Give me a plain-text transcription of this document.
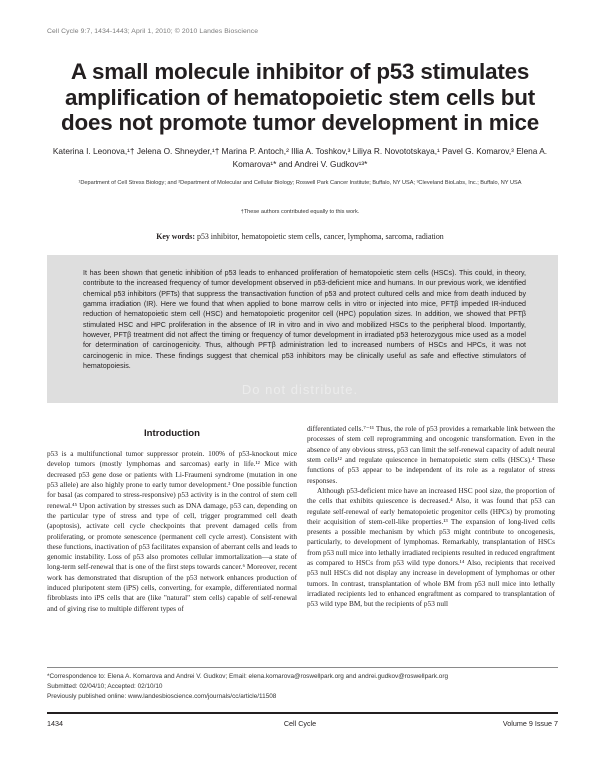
Cell Cycle 9:7, 1434-1443; April 1, 2010; © 2010 Landes Bioscience
A small molecule inhibitor of p53 stimulates amplification of hematopoietic stem cells but does not promote tumor development in mice
Katerina I. Leonova,¹† Jelena O. Shneyder,¹† Marina P. Antoch,² Illia A. Toshkov,³ Liliya R. Novototskaya,¹ Pavel G. Komarov,³ Elena A. Komarova¹* and Andrei V. Gudkov¹³*
¹Department of Cell Stress Biology; and ²Department of Molecular and Cellular Biology; Roswell Park Cancer Institute; Buffalo, NY USA; ³Cleveland BioLabs, Inc.; Buffalo, NY USA
†These authors contributed equally to this work.
Key words: p53 inhibitor, hematopoietic stem cells, cancer, lymphoma, sarcoma, radiation
It has been shown that genetic inhibition of p53 leads to enhanced proliferation of hematopoietic stem cells (HSCs). This could, in theory, contribute to the increased frequency of tumor development observed in p53-deficient mice and humans. In our previous work, we identified chemical p53 inhibitors (PFTs) that suppress the transactivation function of p53 and protect cultured cells and mice from death induced by gamma irradiation (IR). Here we found that when applied to bone marrow cells in vitro or injected into mice, PFTβ impeded IR-induced reduction of hematopoietic stem cell (HSC) and hematopoietic progenitor cell (HPC) population sizes. In addition, we showed that PFTβ stimulated HSC and HPC proliferation in the absence of IR in vitro and in vivo and mobilized HSCs to the peripheral blood. Importantly, however, PFTβ treatment did not affect the timing or frequency of tumor development in irradiated p53 heterozygous mice used as a model for determination of carcinogenicity. Thus, although PFTβ administration led to increased numbers of HSCs and HPCs, it was not carcinogenic in mice. These findings suggest that chemical p53 inhibitors may be clinically useful as safe and effective stimulators of hematopoiesis.
Do not distribute.
Introduction

p53 is a multifunctional tumor suppressor protein. 100% of p53-knockout mice develop tumors (mostly lymphomas and sarcomas) early in life.¹² Mice with decreased p53 gene dose or patients with Li-Fraumeni syndrome (mutation in one p53 allele) are also highly prone to early tumor development.³ One possible function for basal (as compared to stress-responsive) p53 activity is in the control of stem cell renewal.⁴⁵ Upon activation by stresses such as DNA damage, p53 can, depending on the particular type of stress and type of cell, trigger programmed cell death (apoptosis), activate cell cycle checkpoints that prevent damaged cells from proliferating, or promote senescence (permanent cell cycle arrest). Consistent with these functions, inactivation of p53 facilitates expansion of aberrant cells and leads to genomic instability. Loss of p53 also promotes cellular immortalization—a state of long-term self-renewal that is one of the first steps towards cancer.⁶ Moreover, recent work has demonstrated that disruption of the p53 network enhances production of induced pluripotent stem (iPS) cells, converting, for example, differentiated normal fibroblasts into iPS cells that are (like "natural" stem cells) capable of self-renewal and of giving rise to multiple different types of

differentiated cells.⁷⁻¹¹ Thus, the role of p53 provides a remarkable link between the processes of stem cell reprogramming and oncogenic transformation. Even in the absence of any obvious stress, p53 can limit the self-renewal capacity of adult neural stem cells¹² and regulate quiescence in hematopoietic stem cells (HSCs).⁴ These functions of p53 appear to be independent of its role as a regulator of stress responses.

Although p53-deficient mice have an increased HSC pool size, the proportion of the cells that exhibits quiescence is decreased.⁴ Also, it was found that p53 can regulate self-renewal of early hematopoietic progenitor cells (HPCs) by promoting their acquisition of stem-cell-like properties.¹³ The expansion of long-lived cells presents a possible mechanism by which p53 might contribute to oncogenesis, particularly, to development of lymphomas. Remarkably, transplantation of HSCs from p53 null mice into lethally irradiated recipients resulted in reduced engraftment as compared to HSCs from p53 wild type donors.¹⁴ Also, recipients that received p53 null HSCs did not display any increase in development of lymphomas or other tumors. In contrast, transplantation of whole BM from p53 null mice into lethally irradiated recipients led to enhanced engraftment as compared to transplantation of p53 wild type BM, but the recipients of p53 null

*Correspondence to: Elena A. Komarova and Andrei V. Gudkov; Email: elena.komarova@roswellpark.org and andrei.gudkov@roswellpark.org
Submitted: 02/04/10; Accepted: 02/10/10
Previously published online: www.landesbioscience.com/journals/cc/article/11508
1434	Cell Cycle	Volume 9 Issue 7
